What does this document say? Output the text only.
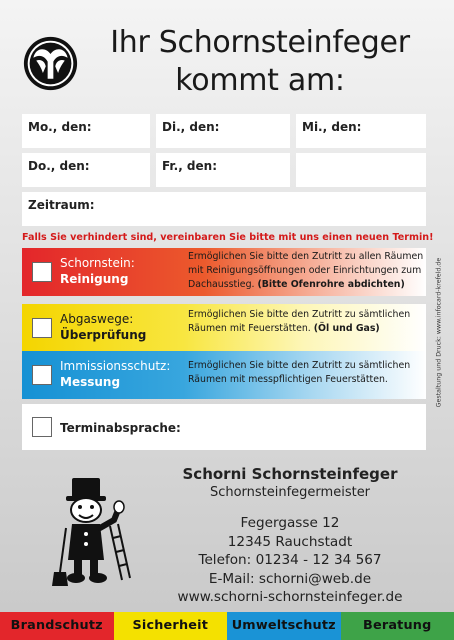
Ihr Schornsteinfeger
kommt am:
Mo., den:	Di., den:	Mi., den:
Do., den:	Fr., den:
Zeitraum:
Falls Sie verhindert sind, vereinbaren Sie bitte mit uns einen neuen Termin!
Schornstein:
Reinigung
Ermöglichen Sie bitte den Zutritt zu allen Räumen mit Reinigungsöffnungen oder Einrichtungen zum Dachausstieg. (Bitte Ofenrohre abdichten)
Abgaswege:
Überprüfung
Ermöglichen Sie bitte den Zutritt zu sämtlichen Räumen mit Feuerstätten. (Öl und Gas)
Immissionsschutz:
Messung
Ermöglichen Sie bitte den Zutritt zu sämtlichen Räumen mit messpflichtigen Feuerstätten.
Terminabsprache:
Gestaltung und Druck: www.infocard-krefeld.de
Schorni Schornsteinfeger
Schornsteinfegermeister
Fegergasse 12
12345 Rauchstadt
Telefon: 01234 - 12 34 567
E-Mail: schorni@web.de
www.schorni-schornsteinfeger.de
Brandschutz	Sicherheit	Umweltschutz	Beratung
